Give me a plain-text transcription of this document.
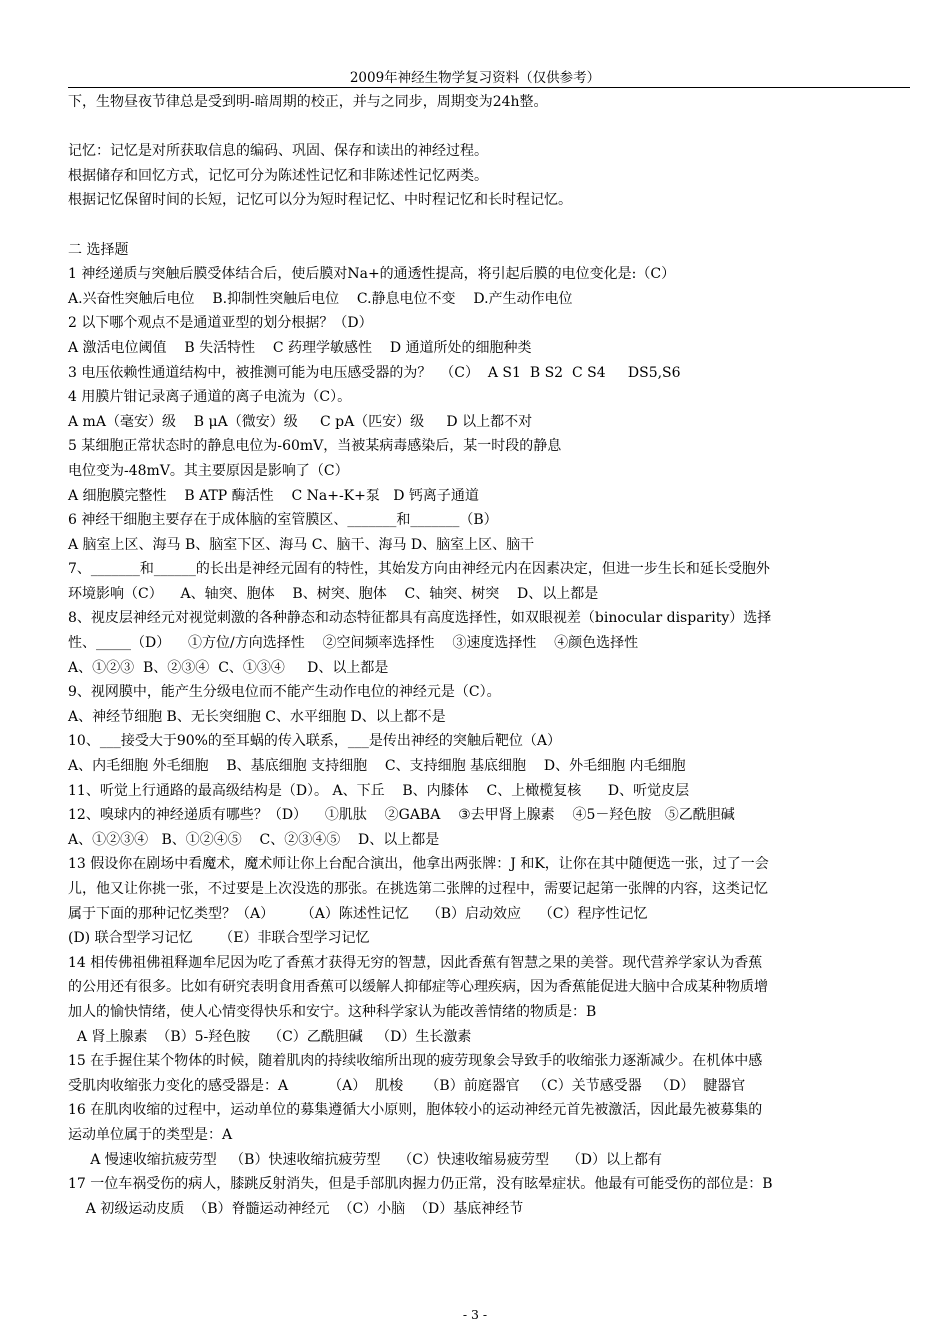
2009年神经生物学复习资料（仅供参考）
下，生物昼夜节律总是受到明-暗周期的校正，并与之同步，周期变为24h整。
记忆：记忆是对所获取信息的编码、巩固、保存和读出的神经过程。
根据储存和回忆方式，记忆可分为陈述性记忆和非陈述性记忆两类。
根据记忆保留时间的长短，记忆可以分为短时程记忆、中时程记忆和长时程记忆。
二 选择题
1 神经递质与突触后膜受体结合后，使后膜对Na+的通透性提高，将引起后膜的电位变化是:（C）
A.兴奋性突触后电位    B.抑制性突触后电位    C.静息电位不变    D.产生动作电位
2 以下哪个观点不是通道亚型的划分根据？（D）
A 激活电位阈值    B 失活特性    C 药理学敏感性    D 通道所处的细胞种类
3 电压依赖性通道结构中，被推测可能为电压感受器的为？  （C）  A S1  B S2  C S4     DS5,S6
4 用膜片钳记录离子通道的离子电流为（C）。
A mA（毫安）级    B μA（微安）级     C pA（匹安）级     D 以上都不对
5 某细胞正常状态时的静息电位为-60mV，当被某病毒感染后，某一时段的静息
电位变为-48mV。其主要原因是影响了（C）
A 细胞膜完整性    B ATP 酶活性    C Na+-K+泵   D 钙离子通道
6 神经干细胞主要存在于成体脑的室管膜区、_______和_______（B）
A 脑室上区、海马 B、脑室下区、海马 C、脑干、海马 D、脑室上区、脑干
7、_______和______的长出是神经元固有的特性，其始发方向由神经元内在因素决定，但进一步生长和延长受胞外
环境影响（C）    A、轴突、胞体    B、树突、胞体    C、轴突、树突    D、以上都是
8、视皮层神经元对视觉刺激的各种静态和动态特征都具有高度选择性，如双眼视差（binocular disparity）选择
性、_____（D）    ①方位/方向选择性    ②空间频率选择性    ③速度选择性    ④颜色选择性
A、①②③  B、②③④  C、①③④     D、以上都是
9、视网膜中，能产生分级电位而不能产生动作电位的神经元是（C）。
A、神经节细胞 B、无长突细胞 C、水平细胞 D、以上都不是
10、___接受大于90%的至耳蜗的传入联系，___是传出神经的突触后靶位（A）
A、内毛细胞 外毛细胞    B、基底细胞 支持细胞    C、支持细胞 基底细胞    D、外毛细胞 内毛细胞
11、听觉上行通路的最高级结构是（D）。 A、下丘    B、内膝体    C、上橄榄复核      D、听觉皮层
12、嗅球内的神经递质有哪些？（D）    ①肌肽    ②GABA    ③去甲肾上腺素    ④5－羟色胺   ⑤乙酰胆碱
A、①②③④   B、①②④⑤    C、②③④⑤    D、以上都是
13 假设你在剧场中看魔术，魔术师让你上台配合演出，他拿出两张牌：J 和K，让你在其中随便选一张，过了一会
儿，他又让你挑一张，不过要是上次没选的那张。在挑选第二张牌的过程中，需要记起第一张牌的内容，这类记忆
属于下面的那种记忆类型？（A）      （A）陈述性记忆    （B）启动效应    （C）程序性记忆
(D) 联合型学习记忆      （E）非联合型学习记忆
14 相传佛祖佛祖释迦牟尼因为吃了香蕉才获得无穷的智慧，因此香蕉有智慧之果的美誉。现代营养学家认为香蕉
的公用还有很多。比如有研究表明食用香蕉可以缓解人抑郁症等心理疾病，因为香蕉能促进大脑中合成某种物质增
加人的愉快情绪，使人心情变得快乐和安宁。这种科学家认为能改善情绪的物质是：B
A 肾上腺素  （B）5-羟色胺    （C）乙酰胆碱   （D）生长激素
15 在手握住某个物体的时候，随着肌肉的持续收缩所出现的疲劳现象会导致手的收缩张力逐渐减少。在机体中感
受肌肉收缩张力变化的感受器是：A         （A）  肌梭     （B）前庭器官   （C）关节感受器   （D）  腱器官
16 在肌肉收缩的过程中，运动单位的募集遵循大小原则，胞体较小的运动神经元首先被激活，因此最先被募集的
运动单位属于的类型是：A
A 慢速收缩抗疲劳型   （B）快速收缩抗疲劳型    （C）快速收缩易疲劳型    （D）以上都有
17 一位车祸受伤的病人，膝跳反射消失，但是手部肌肉握力仍正常，没有眩晕症状。他最有可能受伤的部位是：B
A 初级运动皮质  （B）脊髓运动神经元  （C）小脑  （D）基底神经节
- 3 -
